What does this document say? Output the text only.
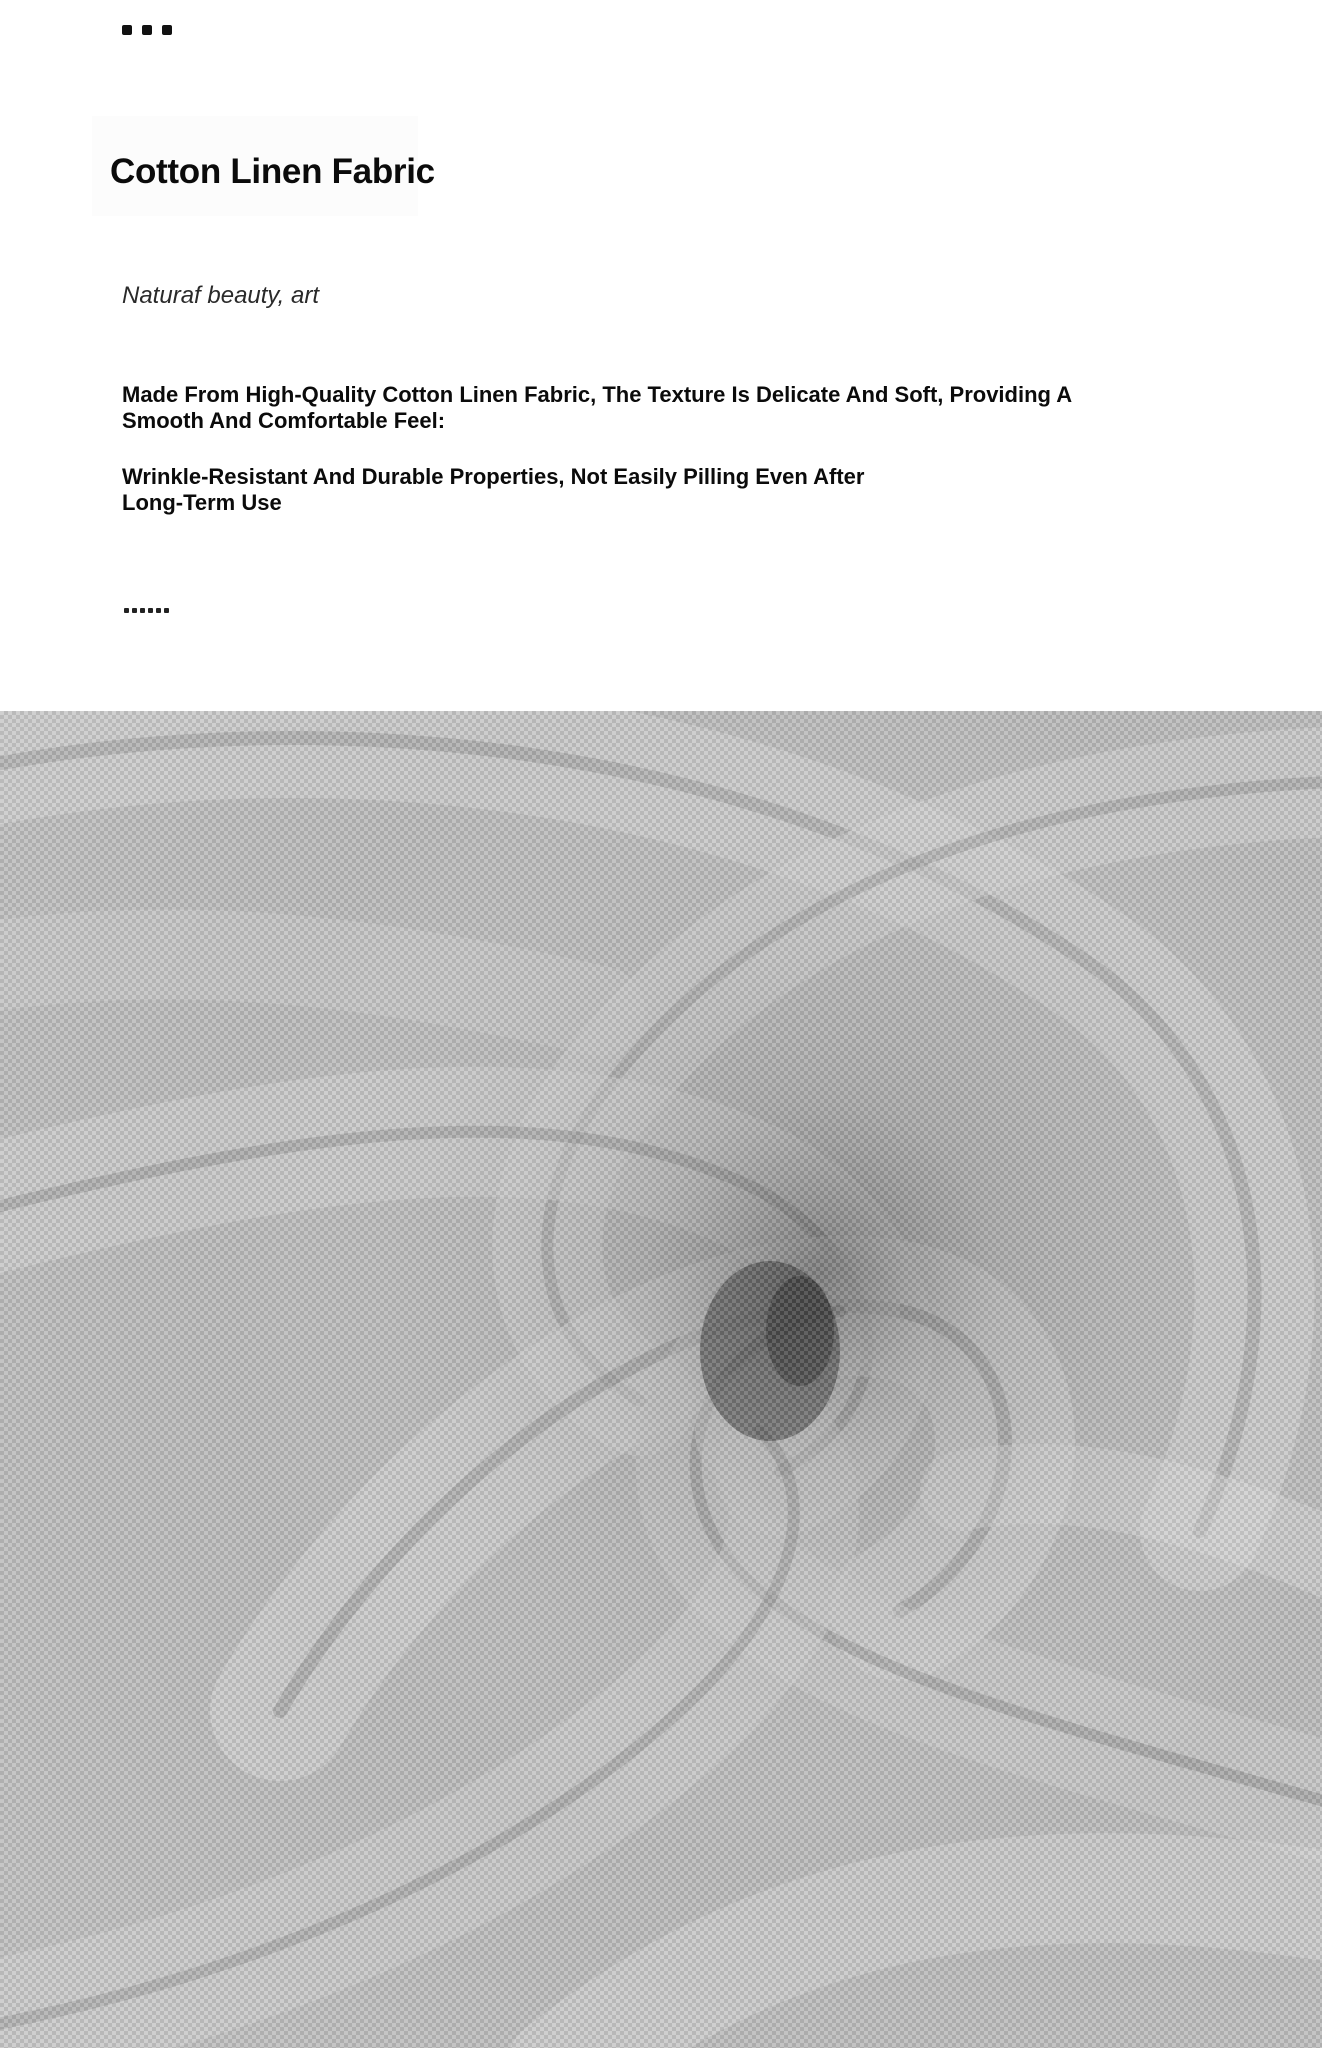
Cotton Linen Fabric
Naturaf beauty, art
Made From High-Quality Cotton Linen Fabric, The Texture Is Delicate And Soft, Providing A Smooth And Comfortable Feel:
Wrinkle-Resistant And Durable Properties, Not Easily Pilling Even After Long-Term Use
